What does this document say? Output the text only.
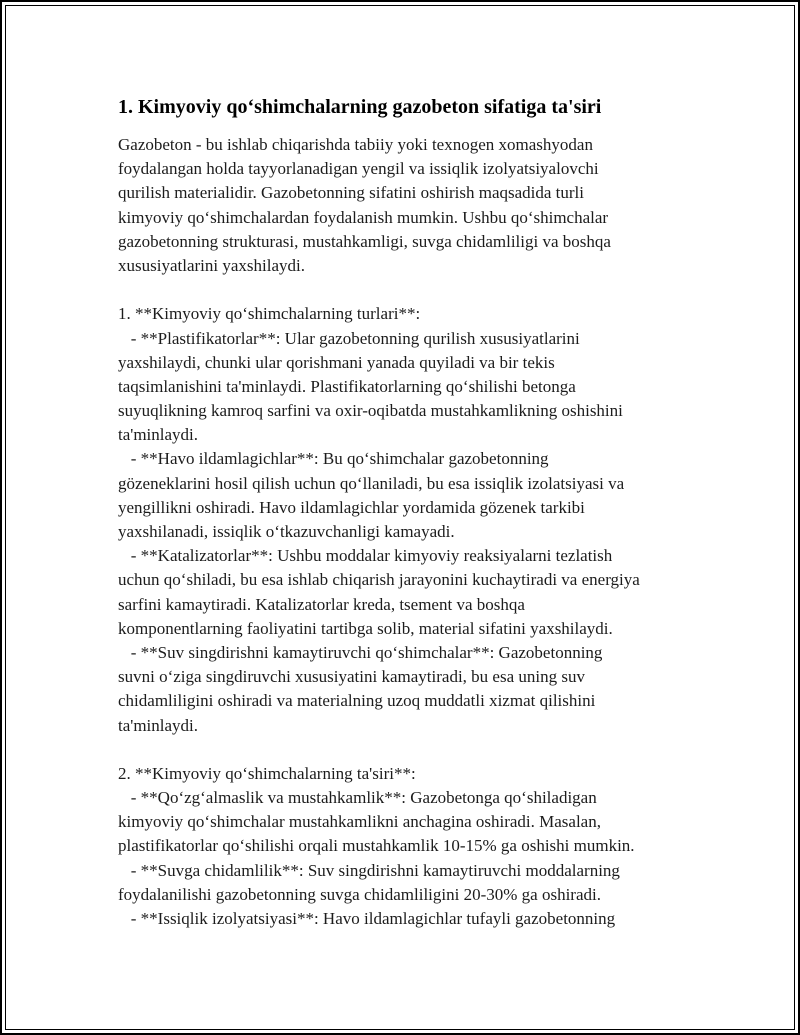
1. Kimyoviy qo‘shimchalarning gazobeton sifatiga ta'siri
Gazobeton - bu ishlab chiqarishda tabiiy yoki texnogen xomashyodan
foydalangan holda tayyorlanadigan yengil va issiqlik izolyatsiyalovchi
qurilish materialidir. Gazobetonning sifatini oshirish maqsadida turli
kimyoviy qo‘shimchalardan foydalanish mumkin. Ushbu qo‘shimchalar
gazobetonning strukturasi, mustahkamligi, suvga chidamliligi va boshqa
xususiyatlarini yaxshilaydi.
1. **Kimyoviy qo‘shimchalarning turlari**:
- **Plastifikatorlar**: Ular gazobetonning qurilish xususiyatlarini
yaxshilaydi, chunki ular qorishmani yanada quyiladi va bir tekis
taqsimlanishini ta'minlaydi. Plastifikatorlarning qo‘shilishi betonga
suyuqlikning kamroq sarfini va oxir-oqibatda mustahkamlikning oshishini
ta'minlaydi.
- **Havo ildamlagichlar**: Bu qo‘shimchalar gazobetonning
gözeneklarini hosil qilish uchun qo‘llaniladi, bu esa issiqlik izolatsiyasi va
yengillikni oshiradi. Havo ildamlagichlar yordamida gözenek tarkibi
yaxshilanadi, issiqlik o‘tkazuvchanligi kamayadi.
- **Katalizatorlar**: Ushbu moddalar kimyoviy reaksiyalarni tezlatish
uchun qo‘shiladi, bu esa ishlab chiqarish jarayonini kuchaytiradi va energiya
sarfini kamaytiradi. Katalizatorlar kreda, tsement va boshqa
komponentlarning faoliyatini tartibga solib, material sifatini yaxshilaydi.
- **Suv singdirishni kamaytiruvchi qo‘shimchalar**: Gazobetonning
suvni o‘ziga singdiruvchi xususiyatini kamaytiradi, bu esa uning suv
chidamliligini oshiradi va materialning uzoq muddatli xizmat qilishini
ta'minlaydi.
2. **Kimyoviy qo‘shimchalarning ta'siri**:
- **Qo‘zg‘almaslik va mustahkamlik**: Gazobetonga qo‘shiladigan
kimyoviy qo‘shimchalar mustahkamlikni anchagina oshiradi. Masalan,
plastifikatorlar qo‘shilishi orqali mustahkamlik 10-15% ga oshishi mumkin.
- **Suvga chidamlilik**: Suv singdirishni kamaytiruvchi moddalarning
foydalanilishi gazobetonning suvga chidamliligini 20-30% ga oshiradi.
- **Issiqlik izolyatsiyasi**: Havo ildamlagichlar tufayli gazobetonning
